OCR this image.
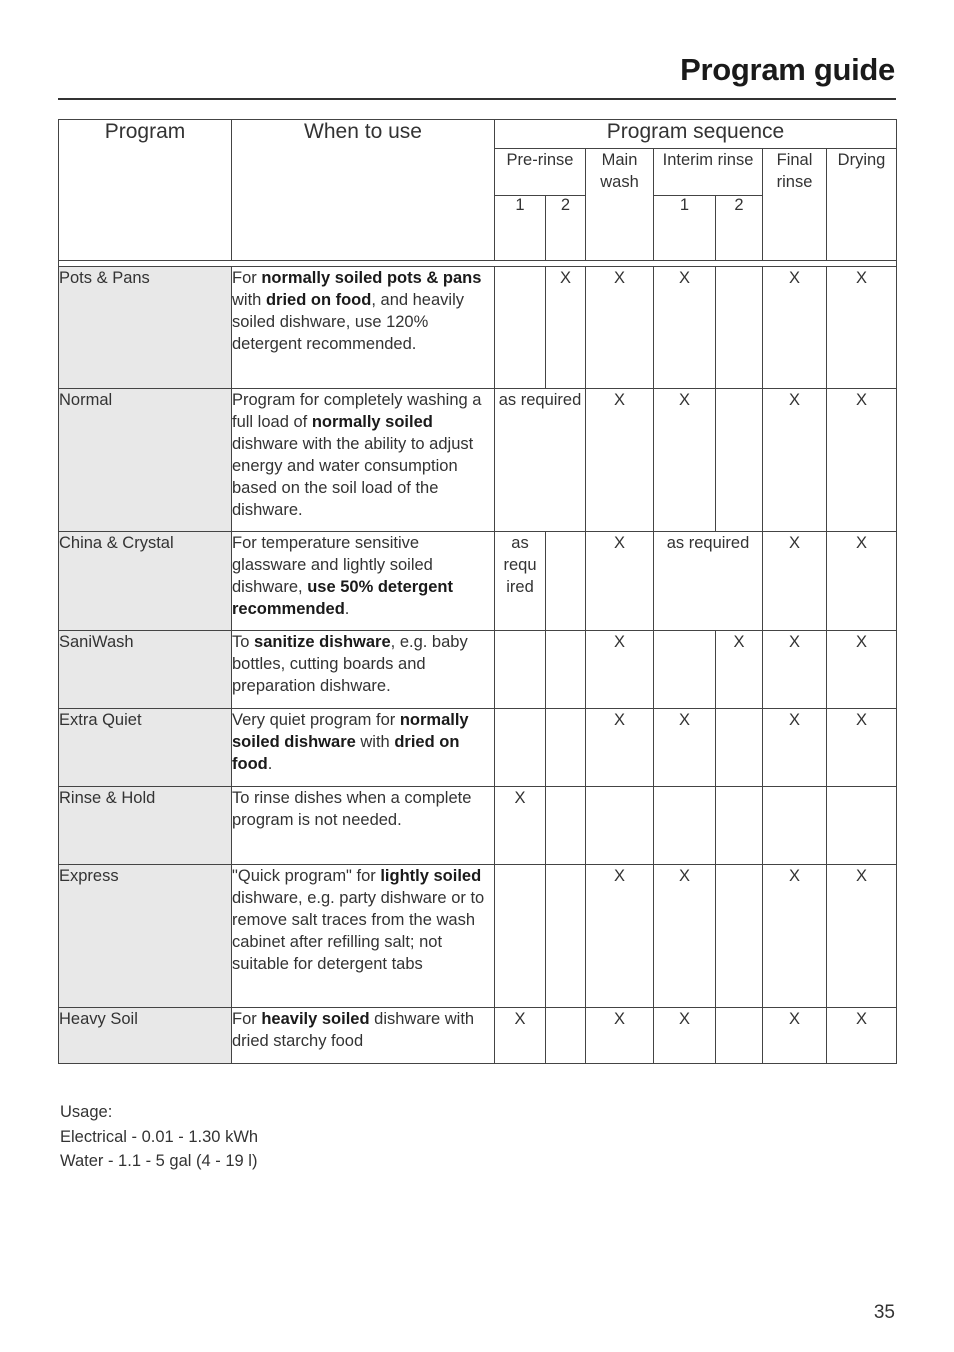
Program guide
Program	When to use	Program sequence						
		Pre-rinse		Main wash	Interim rinse		Final rinse	Drying
		1	2		1	2		

Pots & Pans	For normally soiled pots & pans with dried on food, and heavily soiled dishware, use 120% detergent recommended.		X	X	X		X	X
Normal	Program for completely washing a full load of normally soiled dishware with the ability to adjust energy and water consumption based on the soil load of the dishware.	as required		X	X		X	X
China & Crystal	For temperature sensitive glassware and lightly soiled dishware, use 50% detergent recommended.	as requ ired		X	as required		X	X
SaniWash	To sanitize dishware, e.g. baby bottles, cutting boards and preparation dishware.			X		X	X	X
Extra Quiet	Very quiet program for normally soiled dishware with dried on food.			X	X		X	X
Rinse & Hold	To rinse dishes when a complete program is not needed.	X						
Express	"Quick program" for lightly soiled dishware, e.g. party dishware or to remove salt traces from the wash cabinet after refilling salt; not suitable for detergent tabs			X	X		X	X
Heavy Soil	For heavily soiled dishware with dried starchy food	X		X	X		X	X
Usage:
Electrical - 0.01 - 1.30 kWh
Water - 1.1 - 5 gal (4 - 19 l)
35
